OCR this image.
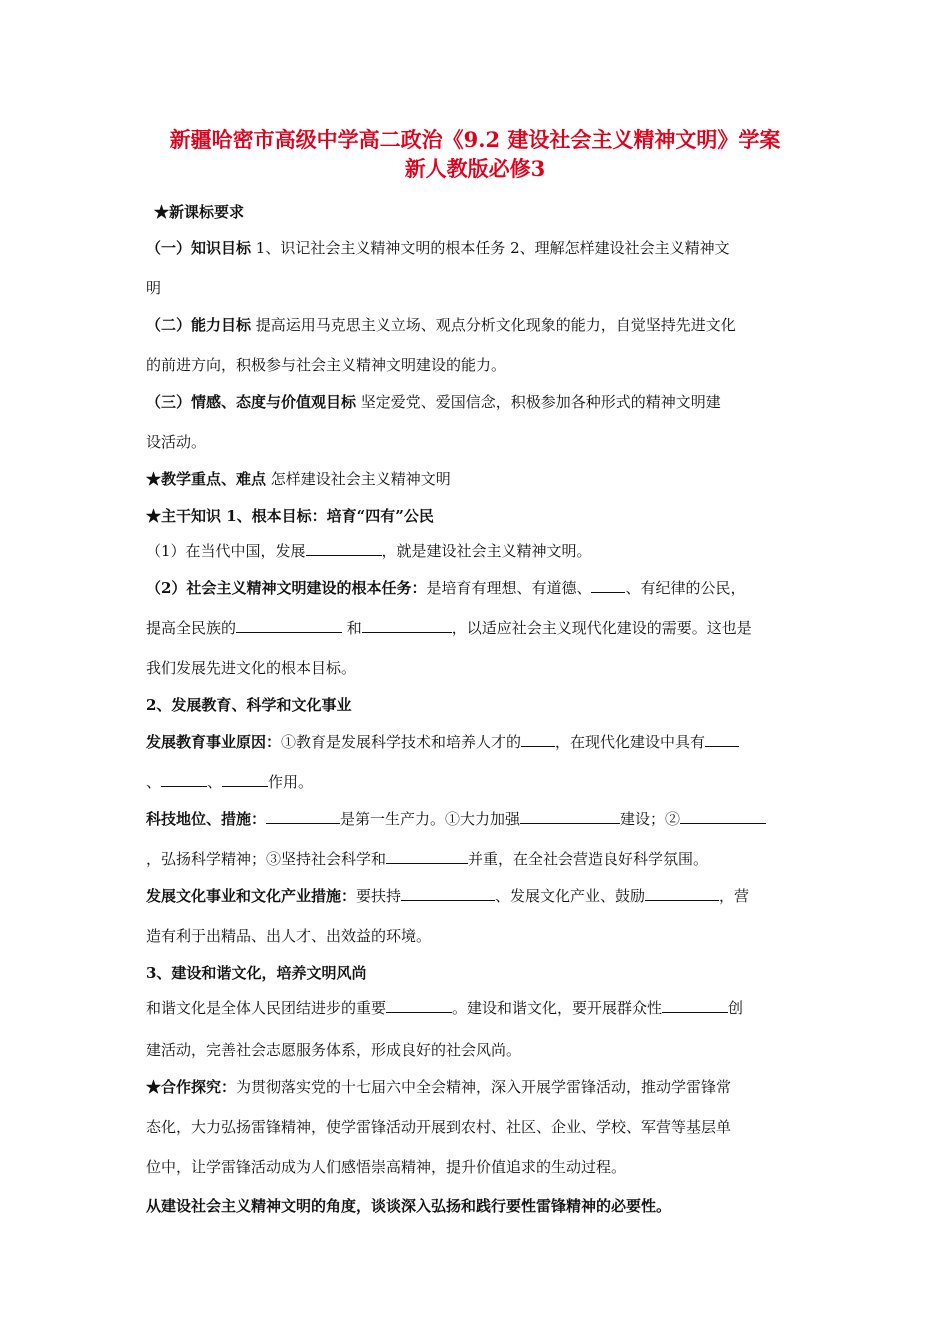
新疆哈密市高级中学高二政治《9.2 建设社会主义精神文明》学案
新人教版必修3
★新课标要求
（一）知识目标 1、识记社会主义精神文明的根本任务 2、理解怎样建设社会主义精神文
明
（二）能力目标 提高运用马克思主义立场、观点分析文化现象的能力，自觉坚持先进文化
的前进方向，积极参与社会主义精神文明建设的能力。
（三）情感、态度与价值观目标 坚定爱党、爱国信念，积极参加各种形式的精神文明建
设活动。
★教学重点、难点 怎样建设社会主义精神文明
★主干知识 1、根本目标：培育“四有”公民
（1）在当代中国，发展	，就是建设社会主义精神文明。
（2）社会主义精神文明建设的根本任务：是培育有理想、有道德、 、有纪律的公民，
提高全民族的	和	，以适应社会主义现代化建设的需要。这也是
我们发展先进文化的根本目标。
2、发展教育、科学和文化事业
发展教育事业原因：①教育是发展科学技术和培养人才的 ，在现代化建设中具有
、	、	作用。
科技地位、措施：	是第一生产力。①大力加强	建设；②
，弘扬科学精神；③坚持社会科学和	并重，在全社会营造良好科学氛围。
发展文化事业和文化产业措施：要扶持	、发展文化产业、鼓励	，营
造有利于出精品、出人才、出效益的环境。
3、建设和谐文化，培养文明风尚
和谐文化是全体人民团结进步的重要	。建设和谐文化，要开展群众性	创
建活动，完善社会志愿服务体系，形成良好的社会风尚。
★合作探究：为贯彻落实党的十七届六中全会精神，深入开展学雷锋活动，推动学雷锋常
态化，大力弘扬雷锋精神，使学雷锋活动开展到农村、社区、企业、学校、军营等基层单
位中，让学雷锋活动成为人们感悟崇高精神，提升价值追求的生动过程。
从建设社会主义精神文明的角度，谈谈深入弘扬和践行要性雷锋精神的必要性。
